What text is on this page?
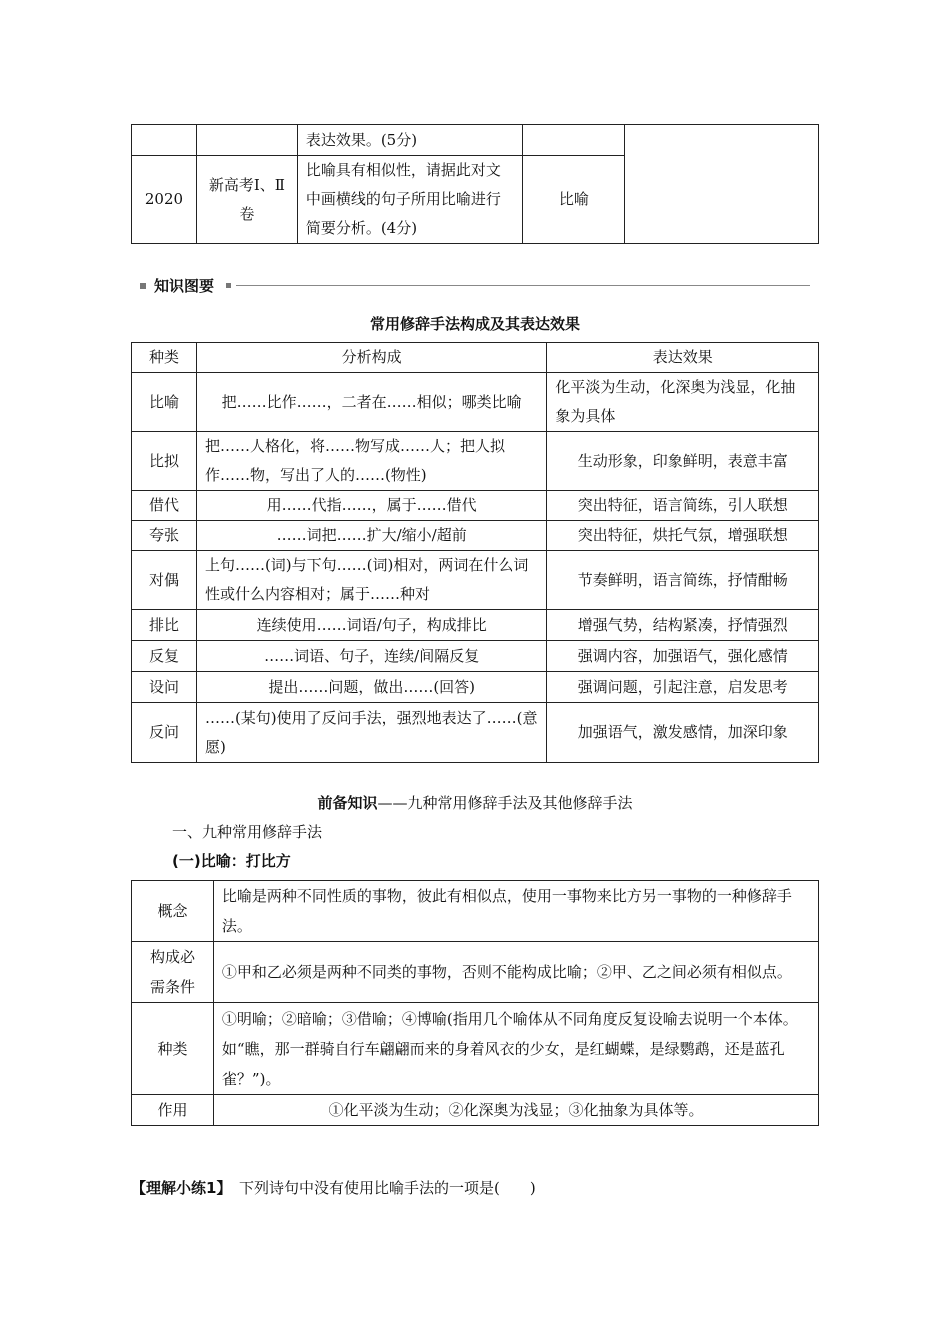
		表达效果。(5分)		
2020	新高考Ⅰ、Ⅱ卷	比喻具有相似性，请据此对文中画横线的句子所用比喻进行简要分析。(4分)	比喻	
知识图要
常用修辞手法构成及其表达效果
种类	分析构成	表达效果
比喻	把……比作……，二者在……相似；哪类比喻	化平淡为生动，化深奥为浅显，化抽象为具体
比拟	把……人格化，将……物写成……人；把人拟作……物，写出了人的……(物性)	生动形象，印象鲜明，表意丰富
借代	用……代指……，属于……借代	突出特征，语言简练，引人联想
夸张	……词把……扩大/缩小/超前	突出特征，烘托气氛，增强联想
对偶	上句……(词)与下句……(词)相对，两词在什么词性或什么内容相对；属于……种对	节奏鲜明，语言简练，抒情酣畅
排比	连续使用……词语/句子，构成排比	增强气势，结构紧凑，抒情强烈
反复	……词语、句子，连续/间隔反复	强调内容，加强语气，强化感情
设问	提出……问题，做出……(回答)	强调问题，引起注意，启发思考
反问	……(某句)使用了反问手法，强烈地表达了……(意愿)	加强语气，激发感情，加深印象
前备知识——九种常用修辞手法及其他修辞手法
一、九种常用修辞手法
(一)比喻：打比方
概念	比喻是两种不同性质的事物，彼此有相似点，使用一事物来比方另一事物的一种修辞手法。
构成必需条件	①甲和乙必须是两种不同类的事物，否则不能构成比喻；②甲、乙之间必须有相似点。
种类	①明喻；②暗喻；③借喻；④博喻(指用几个喻体从不同角度反复设喻去说明一个本体。如“瞧，那一群骑自行车翩翩而来的身着风衣的少女，是红蝴蝶，是绿鹦鹉，还是蓝孔雀？”)。
作用	①化平淡为生动；②化深奥为浅显；③化抽象为具体等。
【理解小练1】　 下列诗句中没有使用比喻手法的一项是(　　)
